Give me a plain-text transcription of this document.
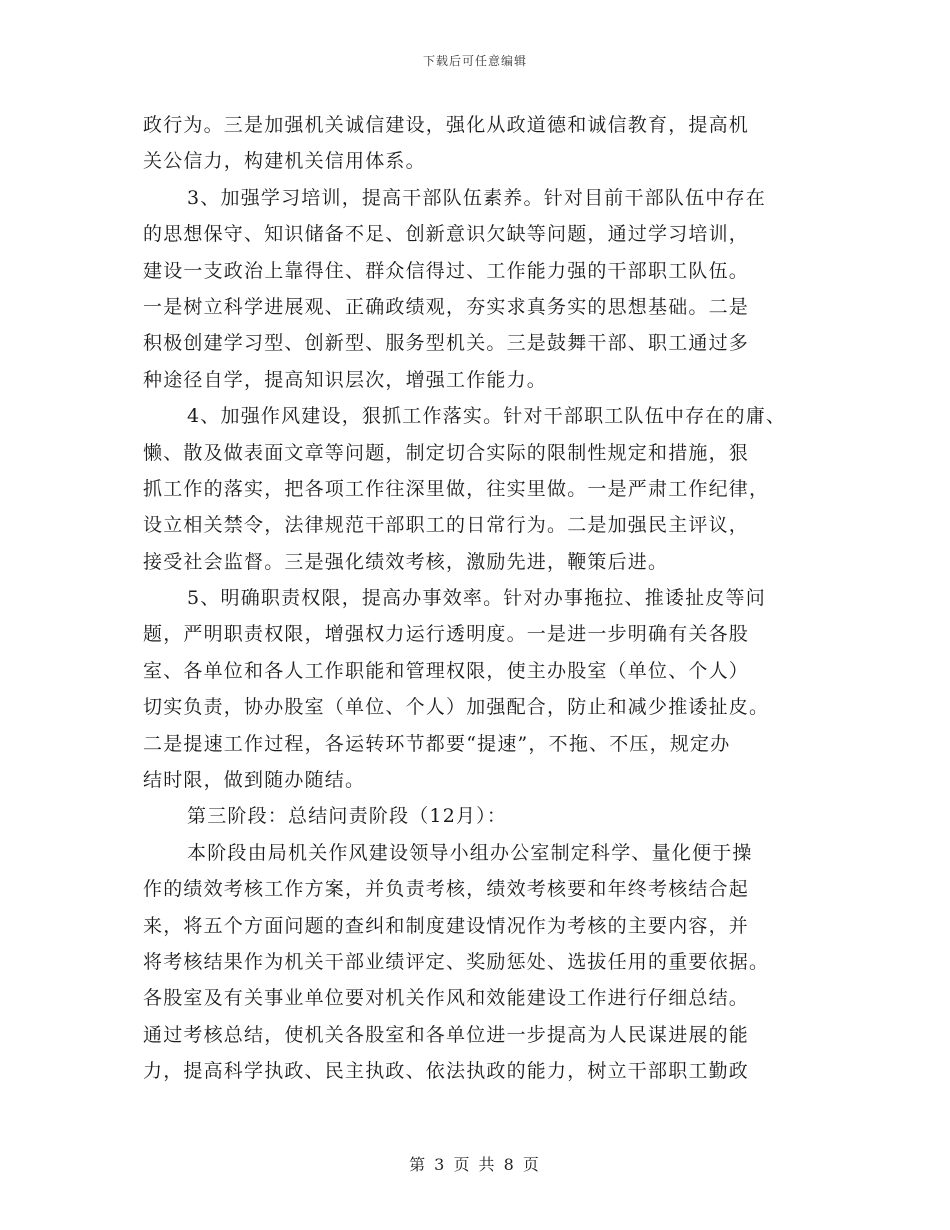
下载后可任意编辑
政行为。三是加强机关诚信建设，强化从政道德和诚信教育，提高机
关公信力，构建机关信用体系。
3、加强学习培训，提高干部队伍素养。针对目前干部队伍中存在
的思想保守、知识储备不足、创新意识欠缺等问题，通过学习培训，
建设一支政治上靠得住、群众信得过、工作能力强的干部职工队伍。
一是树立科学进展观、正确政绩观，夯实求真务实的思想基础。二是
积极创建学习型、创新型、服务型机关。三是鼓舞干部、职工通过多
种途径自学，提高知识层次，增强工作能力。
4、加强作风建设，狠抓工作落实。针对干部职工队伍中存在的庸、
懒、散及做表面文章等问题，制定切合实际的限制性规定和措施，狠
抓工作的落实，把各项工作往深里做，往实里做。一是严肃工作纪律，
设立相关禁令，法律规范干部职工的日常行为。二是加强民主评议，
接受社会监督。三是强化绩效考核，激励先进，鞭策后进。
5、明确职责权限，提高办事效率。针对办事拖拉、推诿扯皮等问
题，严明职责权限，增强权力运行透明度。一是进一步明确有关各股
室、各单位和各人工作职能和管理权限，使主办股室（单位、个人）
切实负责，协办股室（单位、个人）加强配合，防止和减少推诿扯皮。
二是提速工作过程，各运转环节都要“提速”，不拖、不压，规定办
结时限，做到随办随结。
第三阶段：总结问责阶段（12月）：
本阶段由局机关作风建设领导小组办公室制定科学、量化便于操
作的绩效考核工作方案，并负责考核，绩效考核要和年终考核结合起
来，将五个方面问题的查纠和制度建设情况作为考核的主要内容，并
将考核结果作为机关干部业绩评定、奖励惩处、选拔任用的重要依据。
各股室及有关事业单位要对机关作风和效能建设工作进行仔细总结。
通过考核总结，使机关各股室和各单位进一步提高为人民谋进展的能
力，提高科学执政、民主执政、依法执政的能力，树立干部职工勤政
第 3 页 共 8 页
